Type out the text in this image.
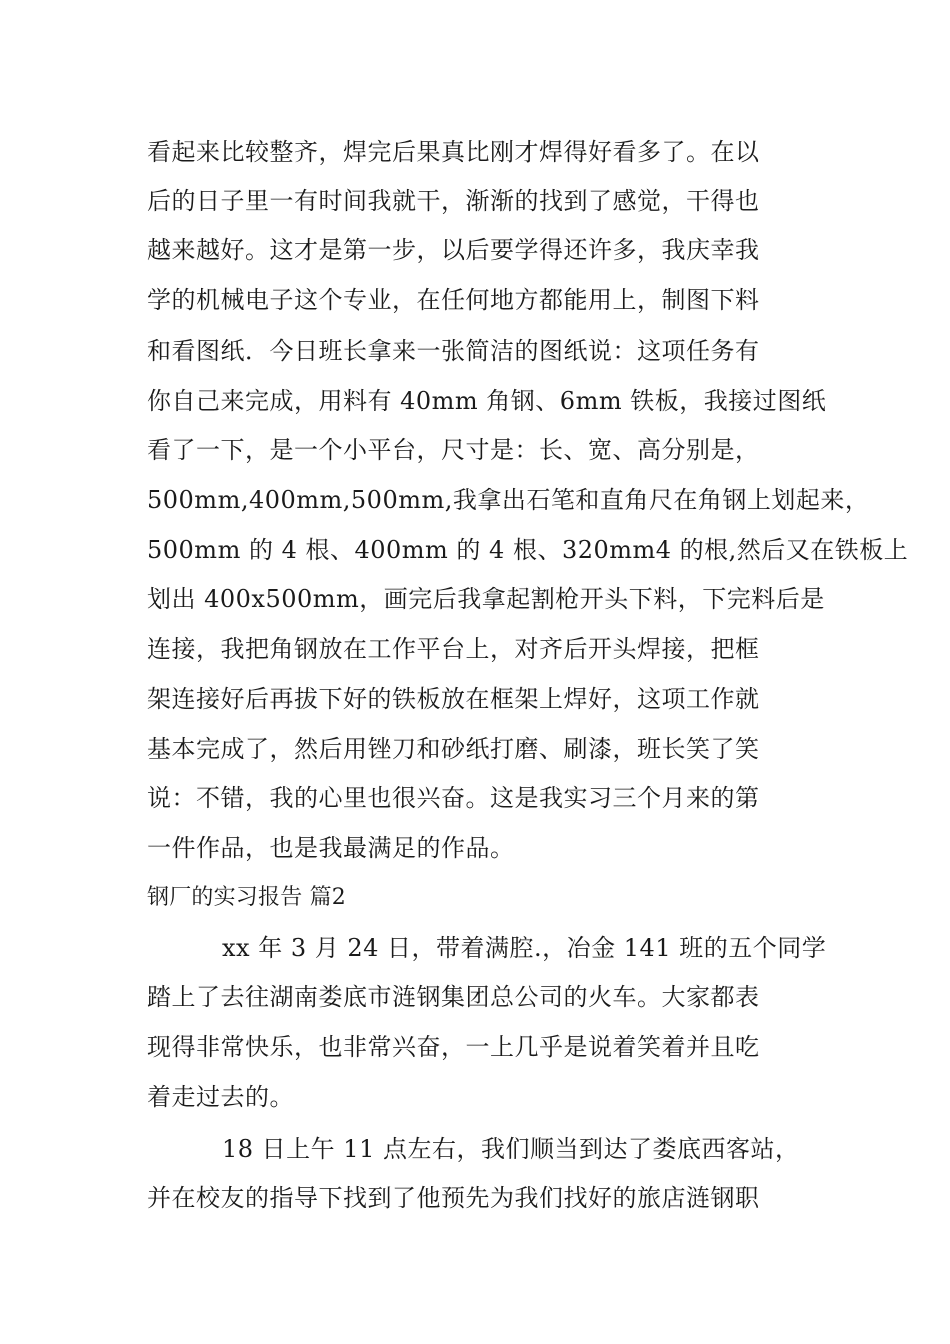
看起来比较整齐，焊完后果真比刚才焊得好看多了。在以
后的日子里一有时间我就干，渐渐的找到了感觉，干得也
越来越好。这才是第一步，以后要学得还许多，我庆幸我
学的机械电子这个专业，在任何地方都能用上，制图下料
和看图纸．今日班长拿来一张简洁的图纸说：这项任务有
你自己来完成，用料有 40mm 角钢、6mm 铁板，我接过图纸
看了一下，是一个小平台，尺寸是：长、宽、高分别是，
500mm,400mm,500mm,我拿出石笔和直角尺在角钢上划起来，
500mm 的 4 根、400mm 的 4 根、320mm4 的根,然后又在铁板上
划出 400x500mm，画完后我拿起割枪开头下料，下完料后是
连接，我把角钢放在工作平台上，对齐后开头焊接，把框
架连接好后再拔下好的铁板放在框架上焊好，这项工作就
基本完成了，然后用锉刀和砂纸打磨、刷漆，班长笑了笑
说：不错，我的心里也很兴奋。这是我实习三个月来的第
一件作品，也是我最满足的作品。
钢厂的实习报告 篇2
xx 年 3 月 24 日，带着满腔.，冶金 141 班的五个同学
踏上了去往湖南娄底市涟钢集团总公司的火车。大家都表
现得非常快乐，也非常兴奋，一上几乎是说着笑着并且吃
着走过去的。
18 日上午 11 点左右，我们顺当到达了娄底西客站，
并在校友的指导下找到了他预先为我们找好的旅店涟钢职
